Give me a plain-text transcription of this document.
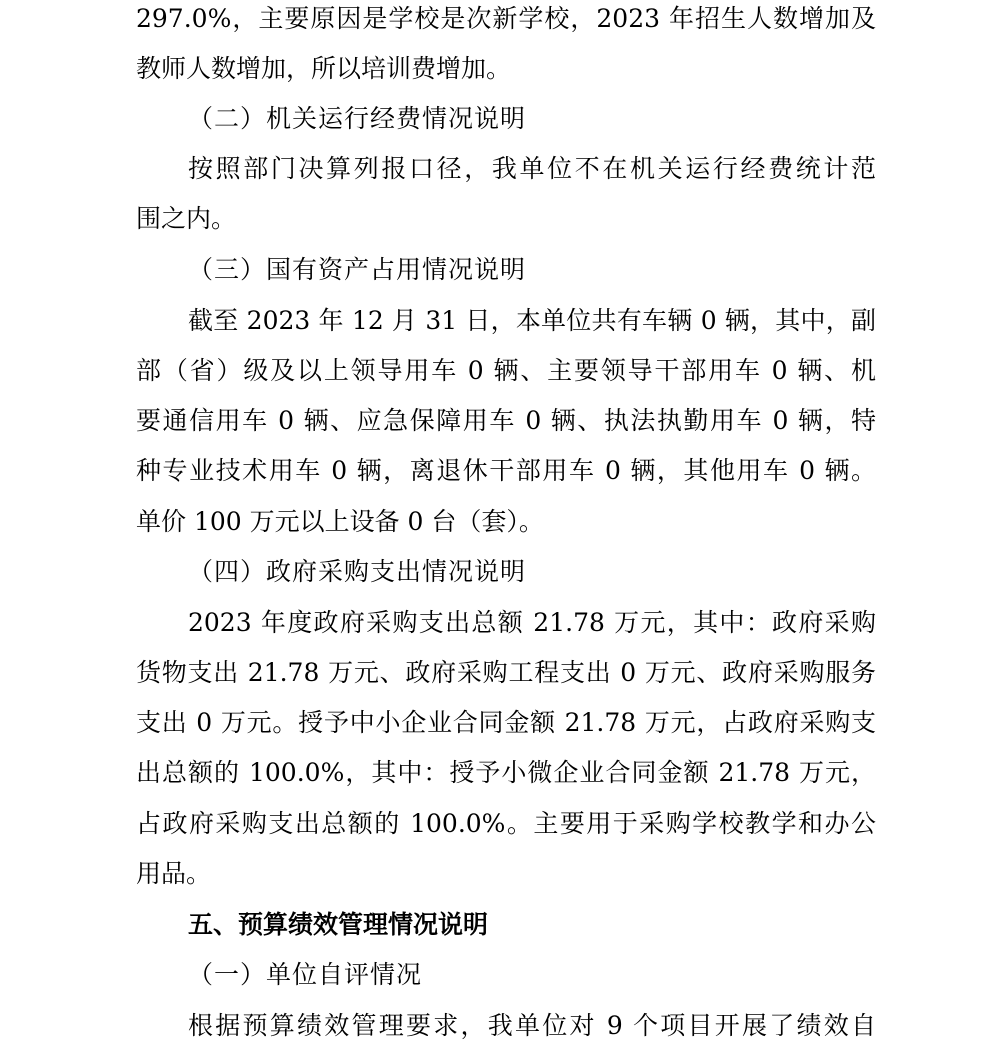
297.0%，主要原因是学校是次新学校，2023 年招生人数增加及
教师人数增加，所以培训费增加。
（二）机关运行经费情况说明
按照部门决算列报口径，我单位不在机关运行经费统计范
围之内。
（三）国有资产占用情况说明
截至 2023 年 12 月 31 日，本单位共有车辆 0 辆，其中，副
部（省）级及以上领导用车 0 辆、主要领导干部用车 0 辆、机
要通信用车 0 辆、应急保障用车 0 辆、执法执勤用车 0 辆，特
种专业技术用车 0 辆，离退休干部用车 0 辆，其他用车 0 辆。
单价 100 万元以上设备 0 台（套）。
（四）政府采购支出情况说明
2023 年度政府采购支出总额 21.78 万元，其中：政府采购
货物支出 21.78 万元、政府采购工程支出 0 万元、政府采购服务
支出 0 万元。授予中小企业合同金额 21.78 万元，占政府采购支
出总额的 100.0%，其中：授予小微企业合同金额 21.78 万元，
占政府采购支出总额的 100.0%。主要用于采购学校教学和办公
用品。
五、预算绩效管理情况说明
（一）单位自评情况
根据预算绩效管理要求，我单位对 9 个项目开展了绩效自
